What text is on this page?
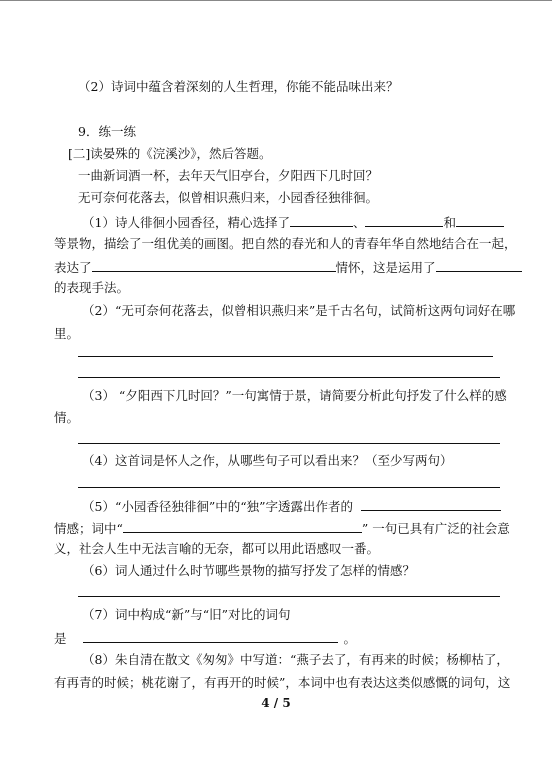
（2）诗词中蕴含着深刻的人生哲理，你能不能品味出来？
9．练一练
[二]读晏殊的《浣溪沙》，然后答题。
一曲新词酒一杯，去年天气旧亭台，夕阳西下几时回？
无可奈何花落去，似曾相识燕归来，小园香径独徘徊。
（1）诗人徘徊小园香径，精心选择了	、	和
等景物，描绘了一组优美的画图。把自然的春光和人的青春年华自然地结合在一起，
表达了	情怀，这是运用了
的表现手法。
（2）“无可奈何花落去，似曾相识燕归来”是千古名句，试简析这两句词好在哪
里。
（3） “夕阳西下几时回？”一句寓情于景，请简要分析此句抒发了什么样的感
情。
（4）这首词是怀人之作，从哪些句子可以看出来？（至少写两句）
（5）“小园香径独徘徊”中的“独”字透露出作者的
情感；词中“	” 一句已具有广泛的社会意
义，社会人生中无法言喻的无奈，都可以用此语感叹一番。
（6）词人通过什么时节哪些景物的描写抒发了怎样的情感？
（7）词中构成“新”与“旧”对比的词句
是	。
（8）朱自清在散文《匆匆》中写道：“燕子去了，有再来的时候；杨柳枯了，
有再青的时候；桃花谢了，有再开的时候”，本词中也有表达这类似感慨的词句，这
4 / 5
